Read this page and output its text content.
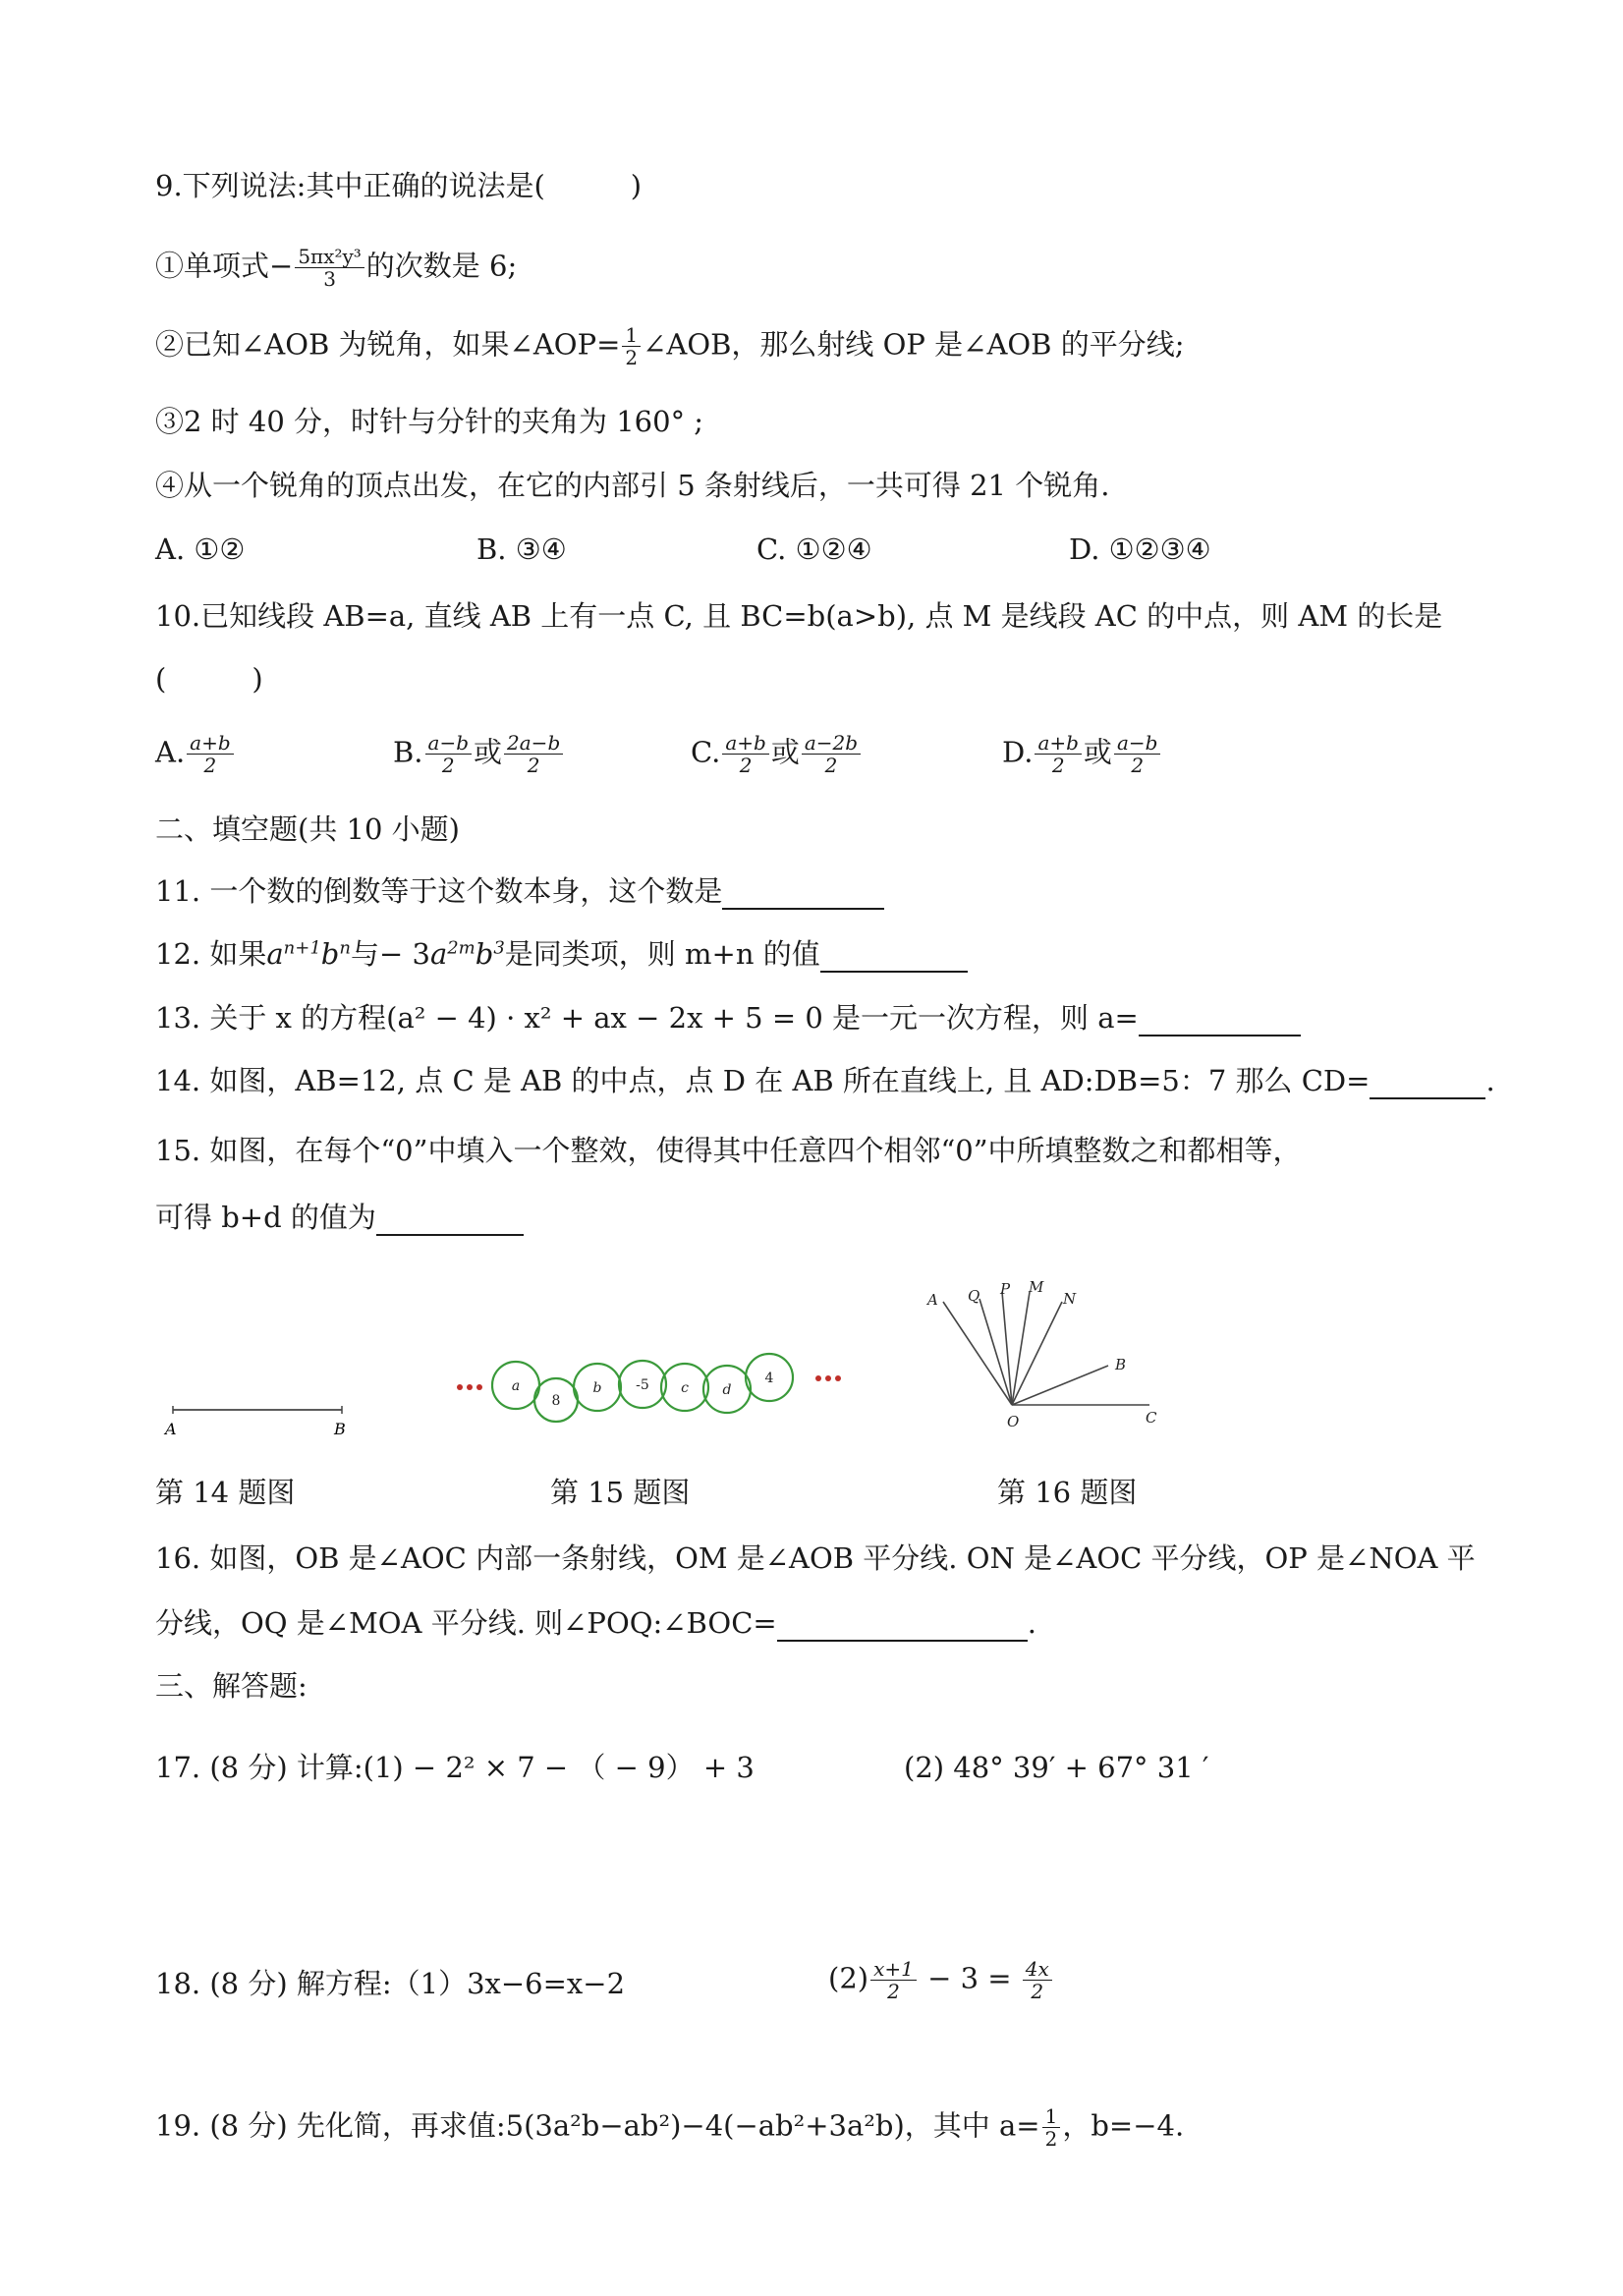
9.下列说法:其中正确的说法是(　　　)
①单项式− $\frac{\text{5πx²y³}}{3}$ 的次数是 6;
②已知∠AOB 为锐角，如果∠AOP= $\frac{1}{2}$ ∠AOB，那么射线 OP 是∠AOB 的平分线;
③2 时 40 分，时针与分针的夹角为 160° ;
④从一个锐角的顶点出发，在它的内部引 5 条射线后，一共可得 21 个锐角.
A. ①②	B. ③④	C. ①②④	D. ①②③④
10.已知线段 AB=a, 直线 AB 上有一点 C, 且 BC=b(a>b), 点 M 是线段 AC 的中点，则 AM 的长是
(　　　)
A. $\frac{a+b}{2}$	B. $\frac{a-b}{2}$ 或 $\frac{2a-b}{2}$	C. $\frac{a+b}{2}$ 或 $\frac{a-2b}{2}$	D. $\frac{a+b}{2}$ 或 $\frac{a-b}{2}$
二、填空题(共 10 小题)
11. 一个数的倒数等于这个数本身，这个数是
12. 如果$a^{n+1}b^n$与− $3a^{2m}b^3$是同类项，则 m+n 的值
13. 关于 x 的方程(a² − 4) · x² + ax − 2x + 5 = 0 是一元一次方程，则 a=
14. 如图，AB=12, 点 C 是 AB 的中点，点 D 在 AB 所在直线上, 且 AD:DB=5：7 那么 CD=	.
15. 如图，在每个“0”中填入一个整效，使得其中任意四个相邻“0”中所填整数之和都相等，
可得 b+d 的值为
A	B
a
8
b -5 c d
4
A Q P M
N
B
O	C
第 14 题图	第 15 题图	第 16 题图
16. 如图，OB 是∠AOC 内部一条射线，OM 是∠AOB 平分线. ON 是∠AOC 平分线，OP 是∠NOA 平
分线，OQ 是∠MOA 平分线. 则∠POQ:∠BOC=	.
三、解答题:
17. (8 分) 计算:(1) − 2² × 7 − （ − 9） + 3	(2) 48° 39′ + 67° 31 ′
18. (8 分) 解方程:（1）3x−6=x−2	$(2) \frac{x+1}{2} - 3 = \frac{4x}{2}$
19. (8 分) 先化简，再求值:5(3a²b−ab²)−4(−ab²+3a²b)，其中 $a= \frac{1}{2}$ ，b=−4.
